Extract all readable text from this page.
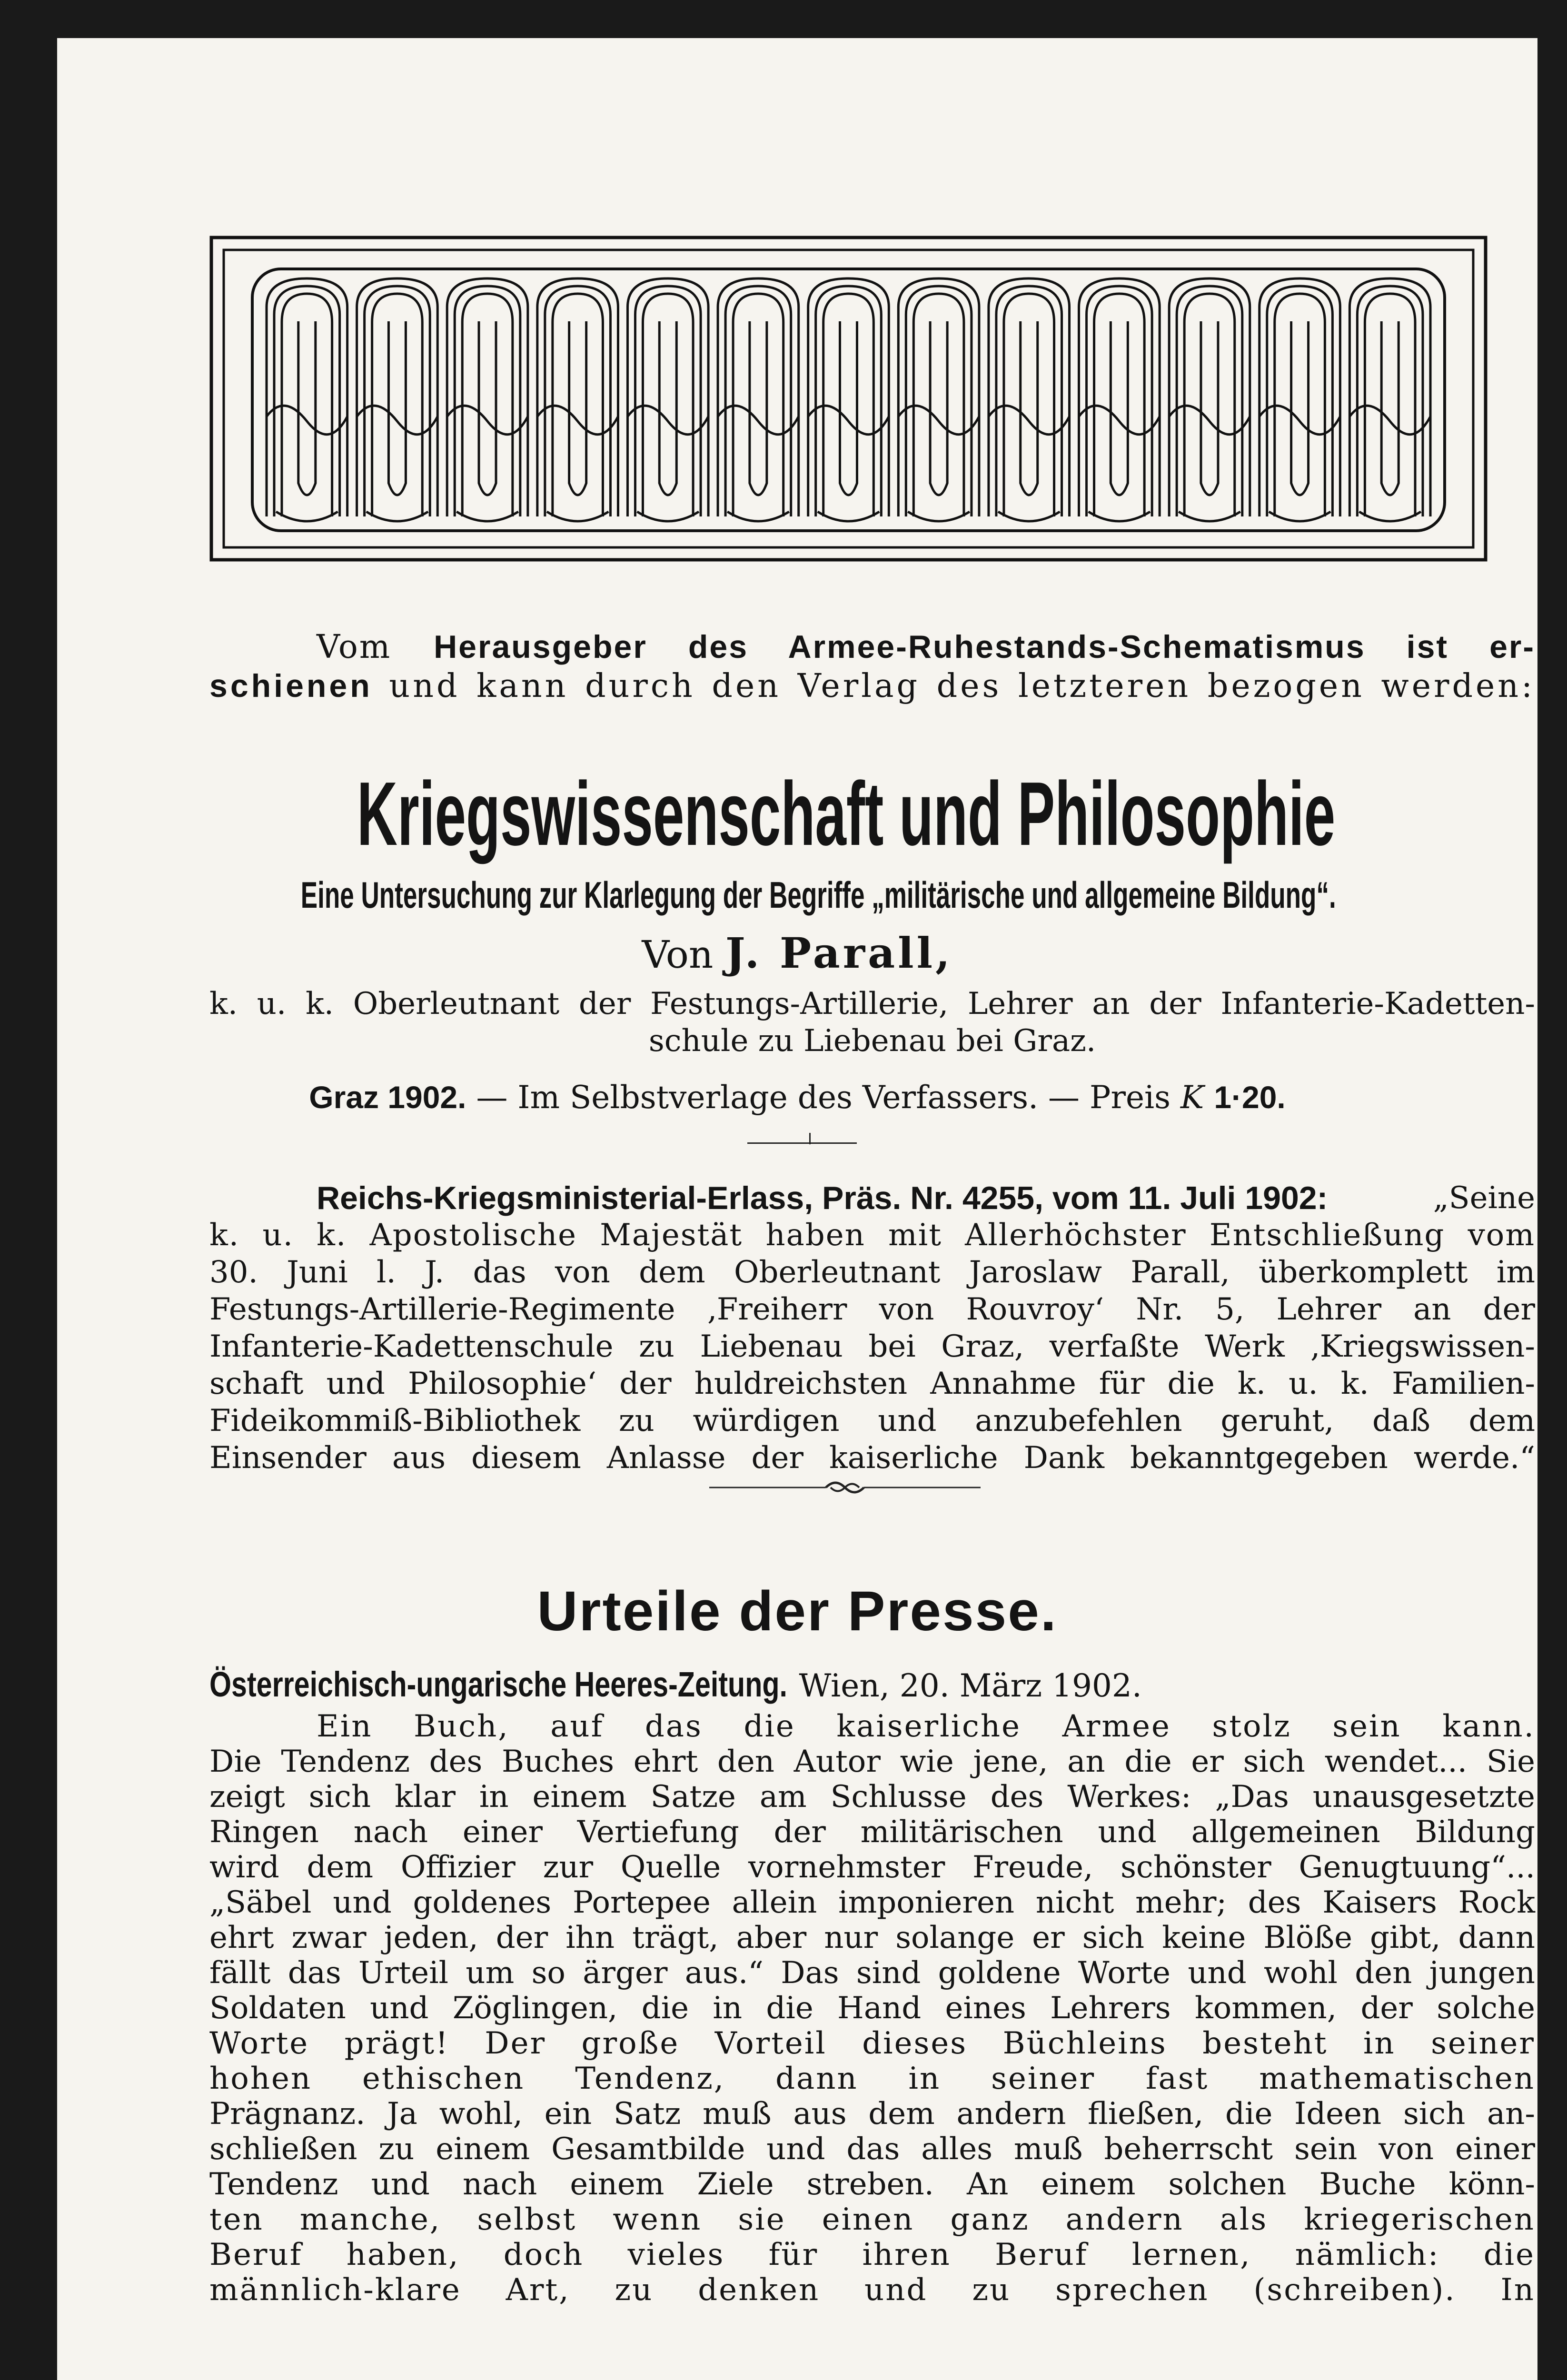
Vom Herausgeber des Armee-Ruhestands-Schematismus ist er-
schienen und kann durch den Verlag des letzteren bezogen werden:
Kriegswissenschaft und Philosophie
Eine Untersuchung zur Klarlegung der Begriffe „militärische und allgemeine Bildung“.
Von J. Parall,
k. u. k. Oberleutnant der Festungs-Artillerie, Lehrer an der Infanterie-Kadetten-
schule zu Liebenau bei Graz.
Graz 1902. — Im Selbstverlage des Verfassers. — Preis K 1·20.
Reichs-Kriegsministerial-Erlass, Präs. Nr. 4255, vom 11. Juli 1902:	„Seine
k. u. k. Apostolische Majestät haben mit Allerhöchster Entschließung vom
30. Juni l. J. das von dem Oberleutnant Jaroslaw Parall, überkomplett im
Festungs-Artillerie-Regimente ‚Freiherr von Rouvroy‘ Nr. 5, Lehrer an der
Infanterie-Kadettenschule zu Liebenau bei Graz, verfaßte Werk ‚Kriegswissen-
schaft und Philosophie‘ der huldreichsten Annahme für die k. u. k. Familien-
Fideikommiß-Bibliothek zu würdigen und anzubefehlen geruht, daß dem
Einsender aus diesem Anlasse der kaiserliche Dank bekanntgegeben werde.“
Urteile der Presse.
Österreichisch-ungarische Heeres-Zeitung. Wien, 20. März 1902.
Ein Buch, auf das die kaiserliche Armee stolz sein kann.
Die Tendenz des Buches ehrt den Autor wie jene, an die er sich wendet... Sie
zeigt sich klar in einem Satze am Schlusse des Werkes: „Das unausgesetzte
Ringen nach einer Vertiefung der militärischen und allgemeinen Bildung
wird dem Offizier zur Quelle vornehmster Freude, schönster Genugtuung“...
„Säbel und goldenes Portepee allein imponieren nicht mehr; des Kaisers Rock
ehrt zwar jeden, der ihn trägt, aber nur solange er sich keine Blöße gibt, dann
fällt das Urteil um so ärger aus.“ Das sind goldene Worte und wohl den jungen
Soldaten und Zöglingen, die in die Hand eines Lehrers kommen, der solche
Worte prägt! Der große Vorteil dieses Büchleins besteht in seiner
hohen ethischen Tendenz, dann in seiner fast mathematischen
Prägnanz. Ja wohl, ein Satz muß aus dem andern fließen, die Ideen sich an-
schließen zu einem Gesamtbilde und das alles muß beherrscht sein von einer
Tendenz und nach einem Ziele streben. An einem solchen Buche könn-
ten manche, selbst wenn sie einen ganz andern als kriegerischen
Beruf haben, doch vieles für ihren Beruf lernen, nämlich: die
männlich-klare Art, zu denken und zu sprechen (schreiben). In
